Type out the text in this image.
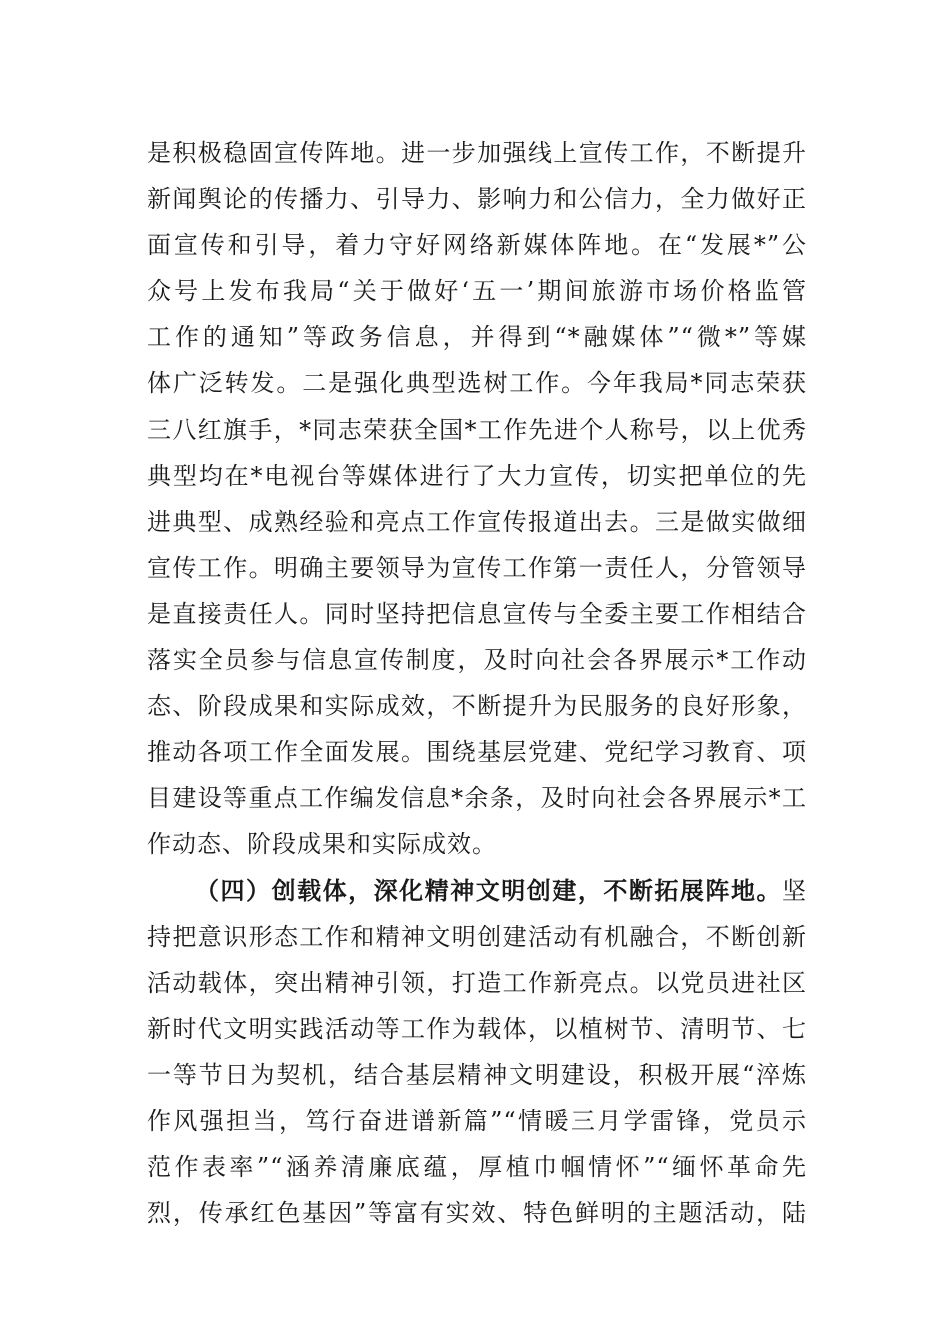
是积极稳固宣传阵地。进一步加强线上宣传工作，不断提升
新闻舆论的传播力、引导力、影响力和公信力，全力做好正
面宣传和引导，着力守好网络新媒体阵地。在“发展*”公
众号上发布我局“关于做好‘五一’期间旅游市场价格监管
工作的通知”等政务信息，并得到“*融媒体”“微*”等媒
体广泛转发。二是强化典型选树工作。今年我局*同志荣获
三八红旗手，*同志荣获全国*工作先进个人称号，以上优秀
典型均在*电视台等媒体进行了大力宣传，切实把单位的先
进典型、成熟经验和亮点工作宣传报道出去。三是做实做细
宣传工作。明确主要领导为宣传工作第一责任人，分管领导
是直接责任人。同时坚持把信息宣传与全委主要工作相结合
落实全员参与信息宣传制度，及时向社会各界展示*工作动
态、阶段成果和实际成效，不断提升为民服务的良好形象，
推动各项工作全面发展。围绕基层党建、党纪学习教育、项
目建设等重点工作编发信息*余条，及时向社会各界展示*工
作动态、阶段成果和实际成效。
（四）创载体，深化精神文明创建，不断拓展阵地。坚
持把意识形态工作和精神文明创建活动有机融合，不断创新
活动载体，突出精神引领，打造工作新亮点。以党员进社区
新时代文明实践活动等工作为载体，以植树节、清明节、七
一等节日为契机，结合基层精神文明建设，积极开展“淬炼
作风强担当，笃行奋进谱新篇”“情暖三月学雷锋，党员示
范作表率”“涵养清廉底蕴，厚植巾帼情怀”“缅怀革命先
烈，传承红色基因”等富有实效、特色鲜明的主题活动，陆
